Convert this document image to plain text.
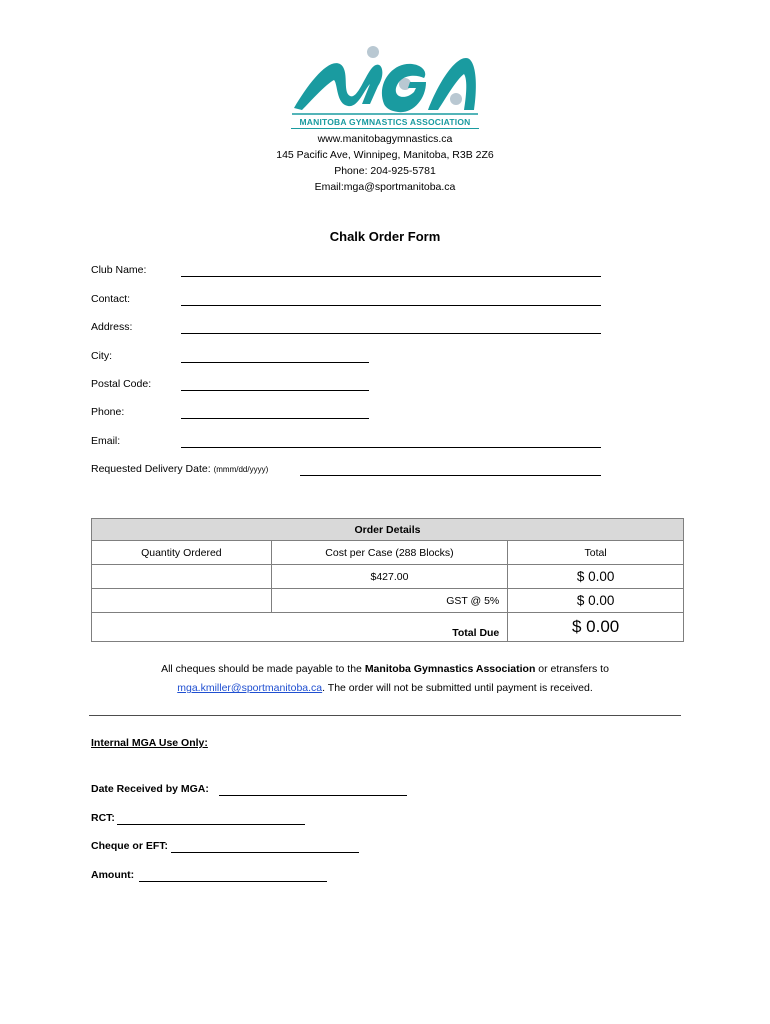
MANITOBA GYMNASTICS ASSOCIATION
www.manitobagymnastics.ca
145 Pacific Ave, Winnipeg, Manitoba, R3B 2Z6
Phone: 204-925-5781
Email:mga@sportmanitoba.ca
Chalk Order Form
Club Name:
Contact:
Address:
City:
Postal Code:
Phone:
Email:
Requested Delivery Date: (mmm/dd/yyyy)
Order Details		
Quantity Ordered	Cost per Case (288 Blocks)	Total
	$427.00	$ 0.00
	GST @ 5%	$ 0.00
Total Due		$ 0.00
All cheques should be made payable to the Manitoba Gymnastics Association or etransfers to
mga.kmiller@sportmanitoba.ca. The order will not be submitted until payment is received.
Internal MGA Use Only:
Date Received by MGA:
RCT:
Cheque or EFT:
Amount:
